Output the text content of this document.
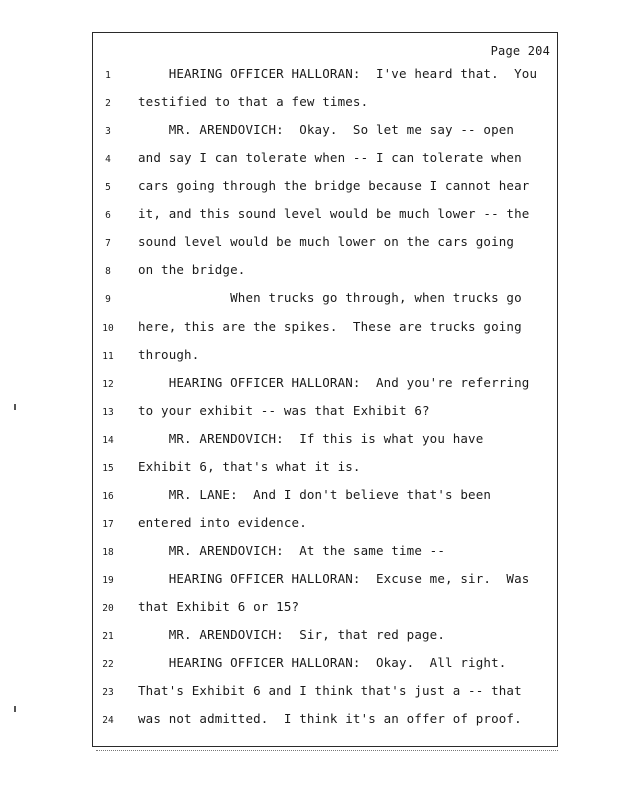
Page 204
1	HEARING OFFICER HALLORAN:  I've heard that.  You
2	testified to that a few times.
3	MR. ARENDOVICH:  Okay.  So let me say -- open
4	and say I can tolerate when -- I can tolerate when
5	cars going through the bridge because I cannot hear
6	it, and this sound level would be much lower -- the
7	sound level would be much lower on the cars going
8	on the bridge.
9	When trucks go through, when trucks go
10	here, this are the spikes.  These are trucks going
11	through.
12	HEARING OFFICER HALLORAN:  And you're referring
13	to your exhibit -- was that Exhibit 6?
14	MR. ARENDOVICH:  If this is what you have
15	Exhibit 6, that's what it is.
16	MR. LANE:  And I don't believe that's been
17	entered into evidence.
18	MR. ARENDOVICH:  At the same time --
19	HEARING OFFICER HALLORAN:  Excuse me, sir.  Was
20	that Exhibit 6 or 15?
21	MR. ARENDOVICH:  Sir, that red page.
22	HEARING OFFICER HALLORAN:  Okay.  All right.
23	That's Exhibit 6 and I think that's just a -- that
24	was not admitted.  I think it's an offer of proof.
